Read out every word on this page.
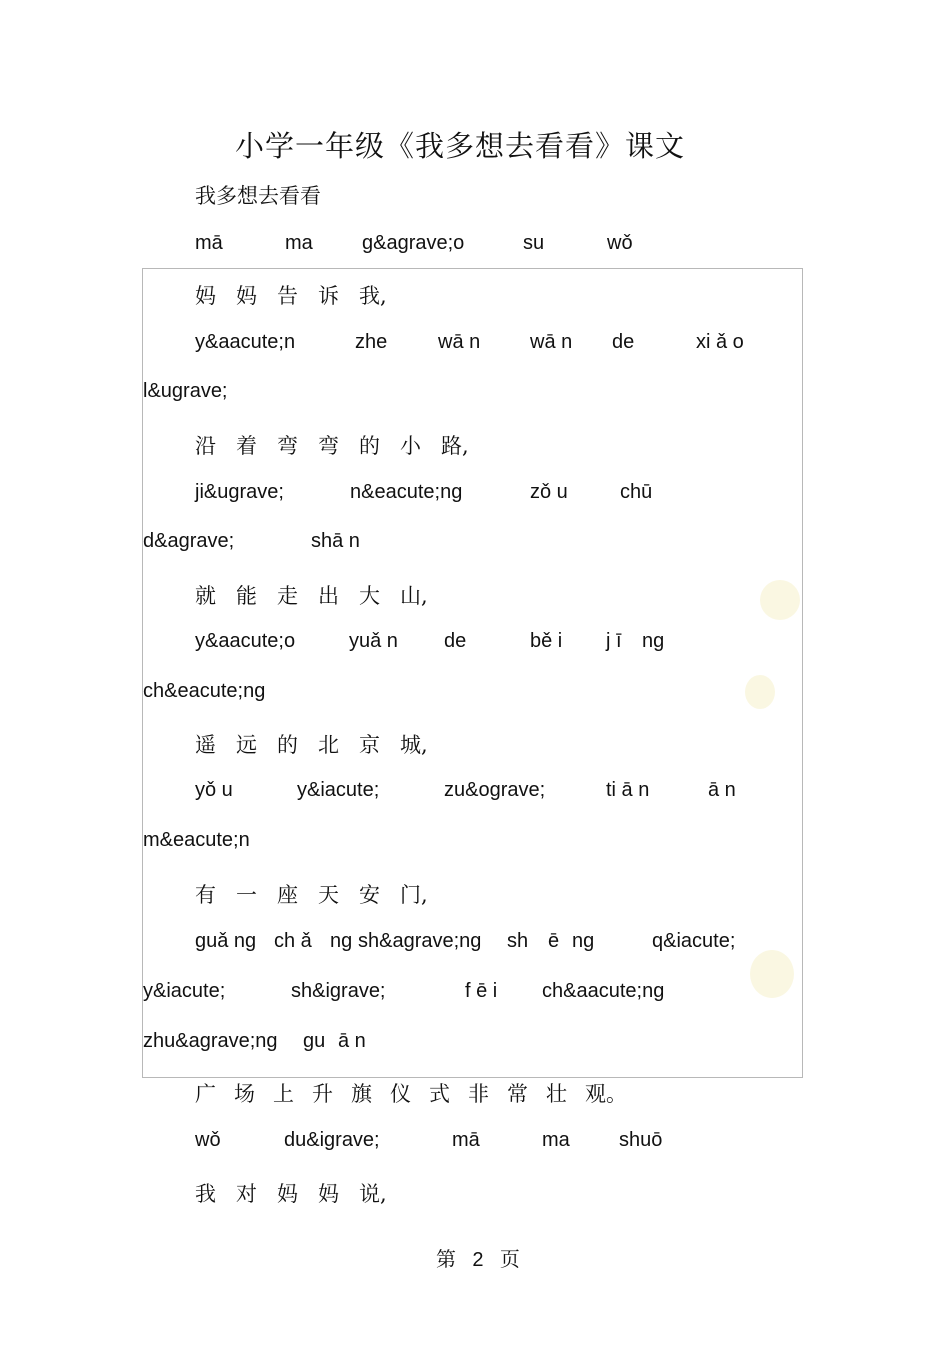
小学一年级《我多想去看看》课文
我多想去看看
mā	ma g&agrave;o	su	wǒ
妈 妈 告 诉 我,
y&aacute;n	zhe	wā n wā n de	xi ǎ o
l&ugrave;
沿 着 弯 弯 的 小 路,
ji&ugrave;	n&eacute;ng	zǒ u	chū
d&agrave;	shā n
就 能 走 出 大 山,
y&aacute;o	yuǎ n de	bě i j ī ng
ch&eacute;ng
遥 远 的 北 京 城,
yǒ u	y&iacute;	zu&ograve;	ti ā n	ā n
m&eacute;n
有 一 座 天 安 门,
guǎ ng ch ǎ ng sh&agrave;ng sh ē ng	q&iacute;
y&iacute;	sh&igrave;	f ē i ch&aacute;ng
zhu&agrave;ng gu ā n
广 场 上 升 旗 仪 式 非 常 壮 观。
wǒ	du&igrave;	mā	ma shuō
我 对 妈 妈 说,
第 2 页
